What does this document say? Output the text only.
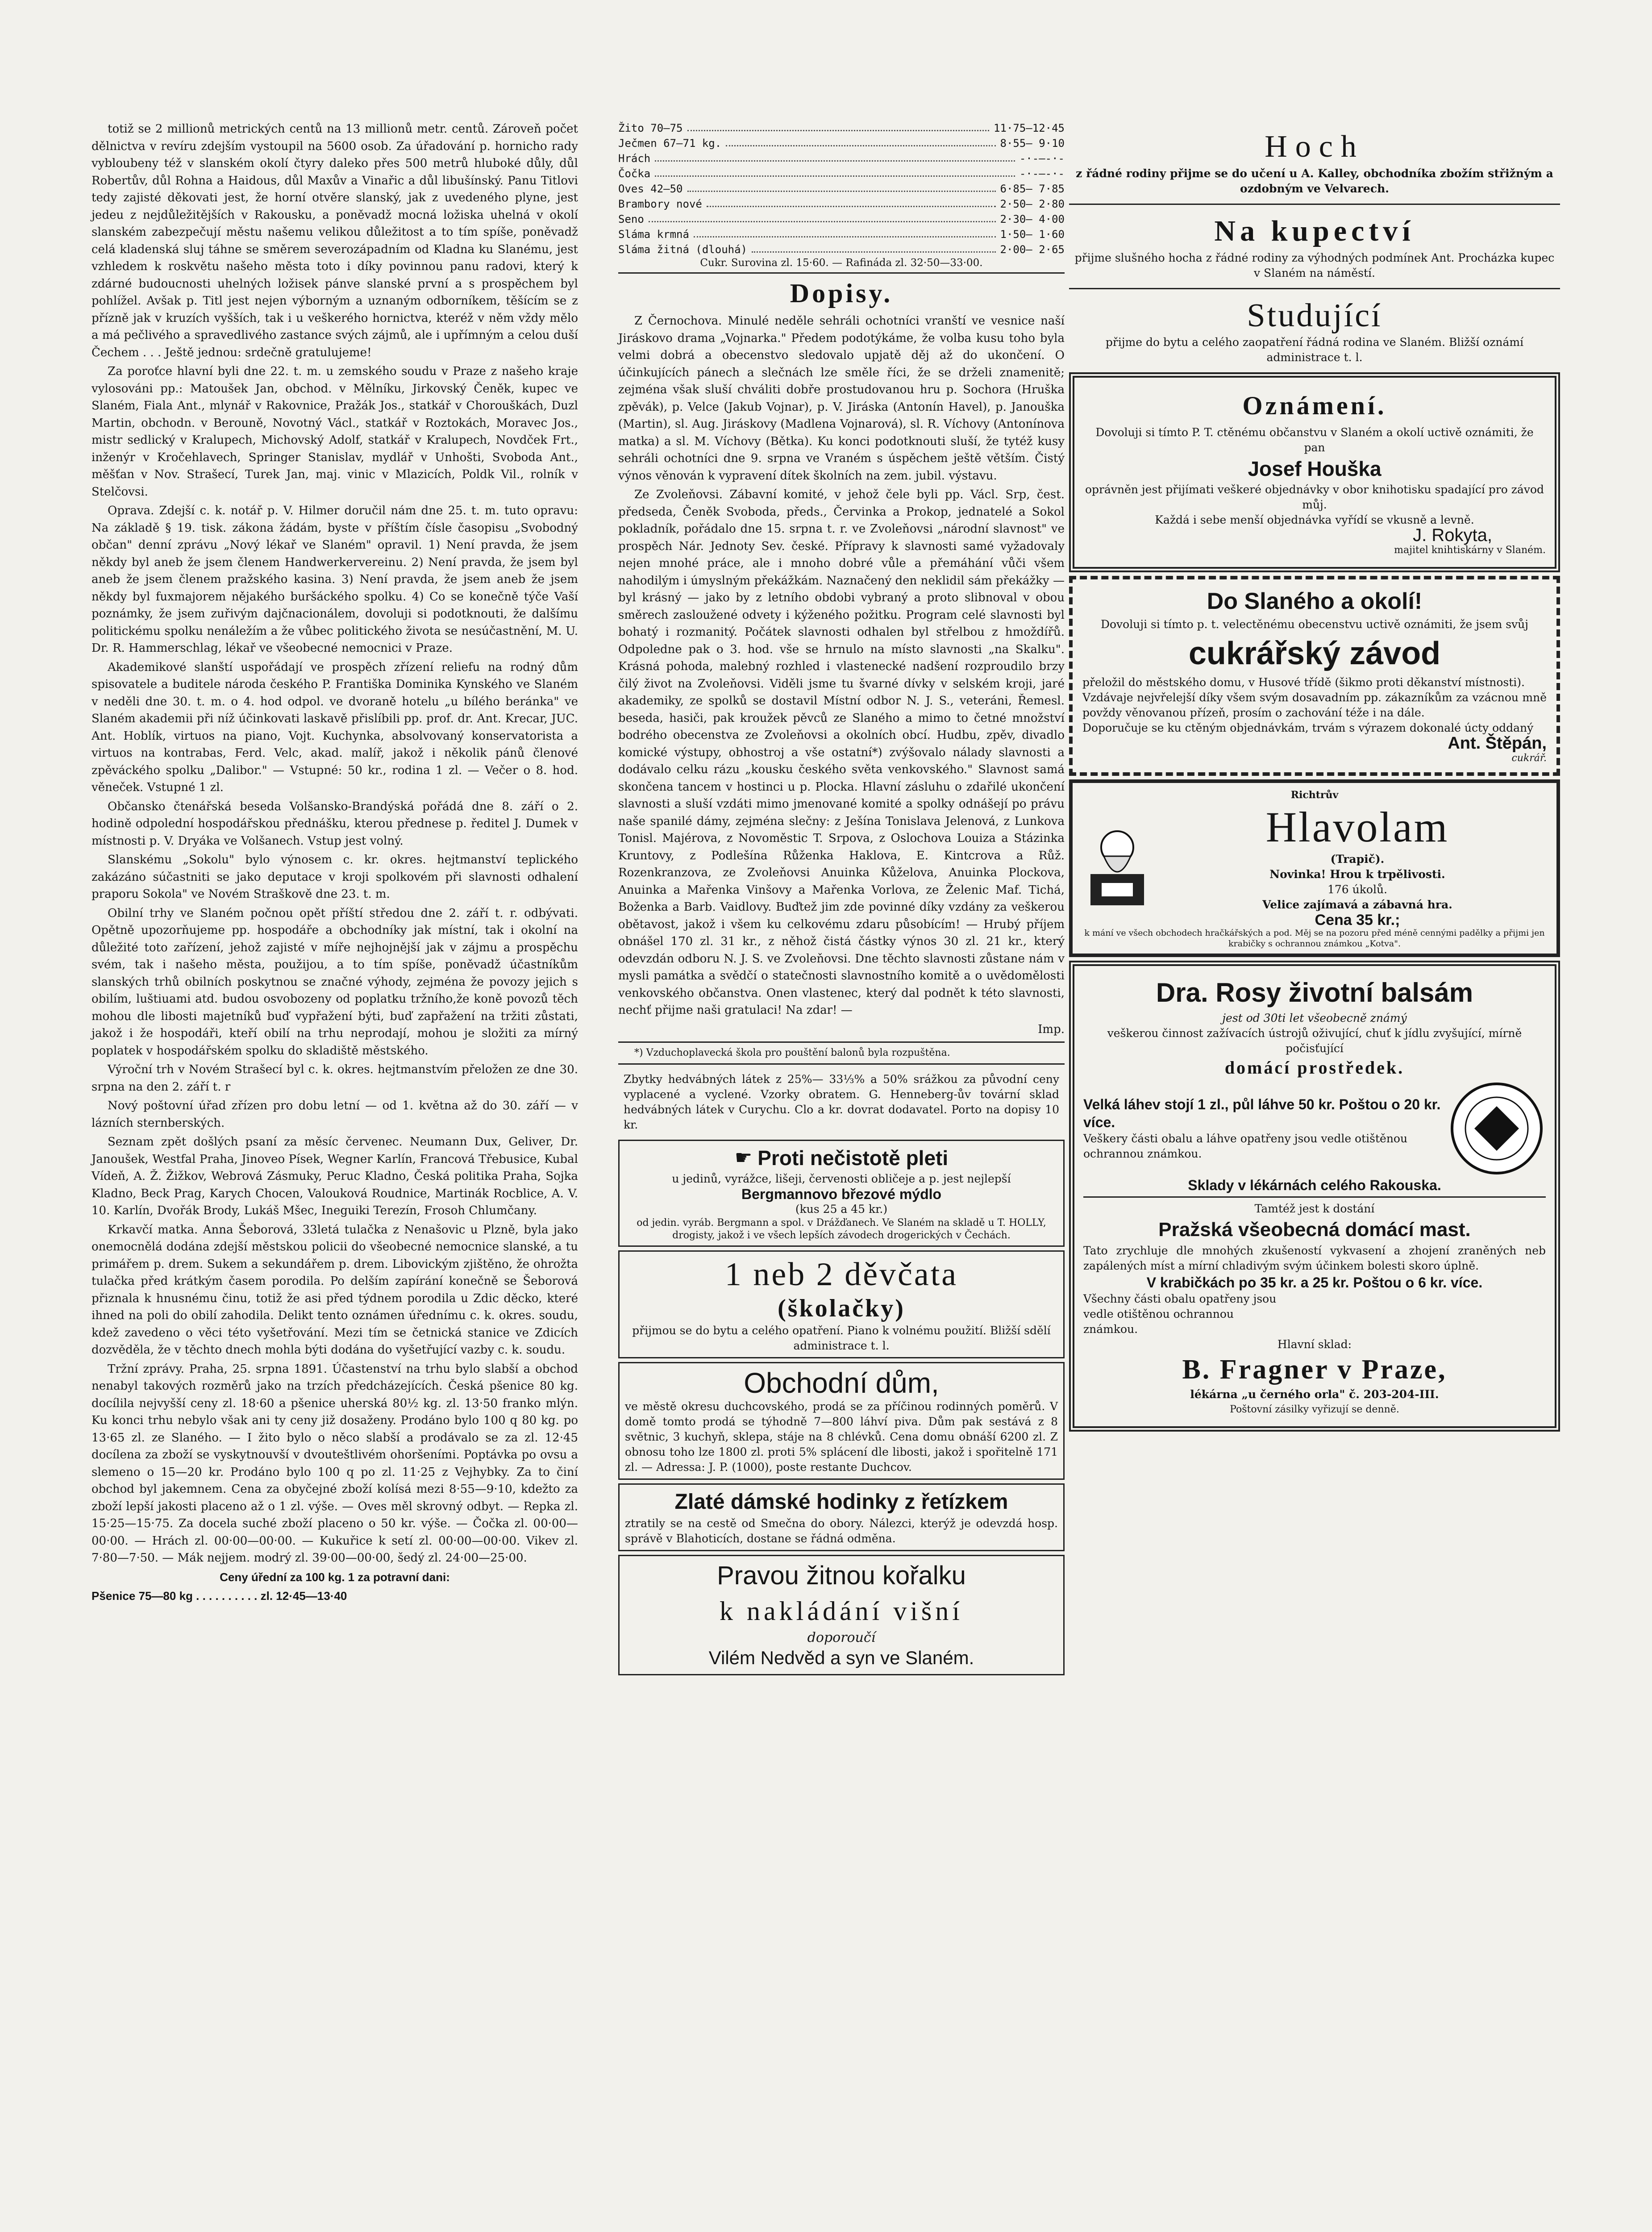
totiž se 2 millionů metrických centů na 13 millionů metr. centů. Zároveň počet dělnictva v revíru zdejším vystoupil na 5600 osob. Za úřadování p. hornicho rady vybloubeny též v slanském okolí čtyry daleko přes 500 metrů hluboké důly, důl Robertův, důl Rohna a Haidous, důl Maxův a Vinařic a důl libušínský. Panu Titlovi tedy zajisté děkovati jest, že horní otvěre slanský, jak z uvedeného plyne, jest jedeu z nejdůležitějších v Rakousku, a poněvadž mocná ložiska uhelná v okolí slanském zabezpečují městu našemu velikou důležitost a to tím spíše, poněvadž celá kladenská sluj táhne se směrem severozápadním od Kladna ku Slanému, jest vzhledem k roskvětu našeho města toto i díky povinnou panu radovi, který k zdárné budoucnosti uhelných ložisek pánve slanské první a s prospěchem byl pohlížel. Avšak p. Titl jest nejen výborným a uznaným odborníkem, těšícím se z přízně jak v kruzích vyšších, tak i u veškerého hornictva, kteréž v něm vždy mělo a má pečlivého a spravedlivého zastance svých zájmů, ale i upřímným a celou duší Čechem . . . Ještě jednou: srdečně gratulujeme!

Za poroťce hlavní byli dne 22. t. m. u zemského soudu v Praze z našeho kraje vylosováni pp.: Matoušek Jan, obchod. v Mělníku, Jirkovský Čeněk, kupec ve Slaném, Fiala Ant., mlynář v Rakovnice, Pražák Jos., statkář v Chorouškách, Duzl Martin, obchodn. v Berouně, Novotný Václ., statkář v Roztokách, Moravec Jos., mistr sedlický v Kralupech, Michovský Adolf, statkář v Kralupech, Novdček Frt., inženýr v Kročehlavech, Springer Stanislav, mydlář v Unhošti, Svoboda Ant., měšťan v Nov. Strašecí, Turek Jan, maj. vinic v Mlazicích, Poldk Vil., rolník v Stelčovsi.

Oprava. Zdejší c. k. notář p. V. Hilmer doručil nám dne 25. t. m. tuto opravu: Na základě § 19. tisk. zákona žádám, byste v příštím čísle časopisu „Svobodný občan" denní zprávu „Nový lékař ve Slaném" opravil. 1) Není pravda, že jsem někdy byl aneb že jsem členem Handwerkervereinu. 2) Není pravda, že jsem byl aneb že jsem členem pražského kasina. 3) Není pravda, že jsem aneb že jsem někdy byl fuxmajorem nějakého buršáckého spolku. 4) Co se konečně týče Vaší poznámky, že jsem zuřivým dajčnacionálem, dovoluji si podotknouti, že dalšímu politickému spolku nenáležím a že vůbec politického života se nesúčastnění, M. U. Dr. R. Hammerschlag, lékař ve všeobecné nemocnici v Praze.

Akademikové slanští uspořádají ve prospěch zřízení reliefu na rodný dům spisovatele a buditele národa českého P. Františka Dominika Kynského ve Slaném v neděli dne 30. t. m. o 4. hod odpol. ve dvoraně hotelu „u bílého beránka" ve Slaném akademii při níž účinkovati laskavě přislíbili pp. prof. dr. Ant. Krecar, JUC. Ant. Hoblík, virtuos na piano, Vojt. Kuchynka, absolvovaný konservatorista a virtuos na kontrabas, Ferd. Velc, akad. malíř, jakož i několik pánů členové zpěváckého spolku „Dalibor." — Vstupné: 50 kr., rodina 1 zl. — Večer o 8. hod. věneček. Vstupné 1 zl.

Občansko čtenářská beseda Volšansko-Brandýská pořádá dne 8. září o 2. hodině odpolední hospodářskou přednášku, kterou přednese p. ředitel J. Dumek v místnosti p. V. Dryáka ve Volšanech. Vstup jest volný.

Slanskému „Sokolu" bylo výnosem c. kr. okres. hejtmanství teplického zakázáno súčastniti se jako deputace v kroji spolkovém při slavnosti odhalení praporu Sokola" ve Novém Straškově dne 23. t. m.

Obilní trhy ve Slaném počnou opět příští středou dne 2. září t. r. odbývati. Opětně upozorňujeme pp. hospodáře a obchodníky jak místní, tak i okolní na důležité toto zařízení, jehož zajisté v míře nejhojnější jak v zájmu a prospěchu svém, tak i našeho města, použijou, a to tím spíše, poněvadž účastníkům slanských trhů obilních poskytnou se značné výhody, zejména že povozy jejich s obilím, luštiuami atd. budou osvobozeny od poplatku tržního,že koně povozů těch mohou dle libosti majetníků buď vypřažení býti, buď zapřažení na tržiti zůstati, jakož i že hospodáři, kteří obilí na trhu neprodají, mohou je složiti za mírný poplatek v hospodářském spolku do skladiště městského.

Výroční trh v Novém Strašecí byl c. k. okres. hejtmanstvím přeložen ze dne 30. srpna na den 2. září t. r

Nový poštovní úřad zřízen pro dobu letní — od 1. května až do 30. září — v lázních sternberských.

Seznam zpět došlých psaní za měsíc červenec. Neumann Dux, Geliver, Dr. Janoušek, Westfal Praha, Jinoveo Písek, Wegner Karlín, Francová Třebusice, Kubal Vídeň, A. Ž. Žižkov, Webrová Zásmuky, Peruc Kladno, Česká politika Praha, Sojka Kladno, Beck Prag, Karych Chocen, Valouková Roudnice, Martinák Rocblice, A. V. 10. Karlín, Dvořák Brody, Lukáš Mšec, Ineguiki Terezín, Frosoh Chlumčany.

Krkavčí matka. Anna Šeborová, 33letá tulačka z Nenašovic u Plzně, byla jako onemocnělá dodána zdejší městskou policii do všeobecné nemocnice slanské, a tu primářem p. drem. Sukem a sekundářem p. drem. Libovickým zjištěno, že ohrožta tulačka před krátkým časem porodila. Po delším zapírání konečně se Šeborová přiznala k hnusnému činu, totiž že asi před týdnem porodila u Zdic děcko, které ihned na poli do obilí zahodila. Delikt tento oznámen úřednímu c. k. okres. soudu, kdež zavedeno o věci této vyšetřování. Mezi tím se četnická stanice ve Zdicích dozvěděla, že v těchto dnech mohla býti dodána do vyšetřující vazby c. k. soudu.

Tržní zprávy. Praha, 25. srpna 1891. Účastenství na trhu bylo slabší a obchod nenabyl takových rozměrů jako na trzích předcházejících. Česká pšenice 80 kg. docílila nejvyšší ceny zl. 18·60 a pšenice uherská 80½ kg. zl. 13·50 franko mlýn. Ku konci trhu nebylo však ani ty ceny již dosaženy. Prodáno bylo 100 q 80 kg. po 13·65 zl. ze Slaného. — I žito bylo o něco slabší a prodávalo se za zl. 12·45 docílena za zboží se vyskytnouvší v dvouteštlivém ohoršeními. Poptávka po ovsu a slemeno o 15—20 kr. Prodáno bylo 100 q po zl. 11·25 z Vejhybky. Za to činí obchod byl jakemnem. Cena za obyčejné zboží kolísá mezi 8·55—9·10, kdežto za zboží lepší jakosti placeno až o 1 zl. výše. — Oves měl skrovný odbyt. — Repka zl. 15·25—15·75. Za docela suché zboží placeno o 50 kr. výše. — Čočka zl. 00·00—00·00. — Hrách zl. 00·00—00·00. — Kukuřice k setí zl. 00·00—00·00. Vikev zl. 7·80—7·50. — Mák nejjem. modrý zl. 39·00—00·00, šedý zl. 24·00—25·00.

Ceny úřední za 100 kg. 1 za potravní dani:

Pšenice 75—80 kg . . . . . . . . . . zl. 12·45—13·40

Žito 70—75	11·75—12·45
Ječmen 67—71 kg.	8·55— 9·10
Hrách	-·-—-·-
Čočka	-·-—-·-
Oves 42—50	6·85— 7·85
Brambory nové	2·50— 2·80
Seno	2·30— 4·00
Sláma krmná	1·50— 1·60
Sláma žitná (dlouhá)	2·00— 2·65
Cukr. Surovina zl. 15·60. — Rafináda zl. 32·50—33·00.
Dopisy.

Z Černochova. Minulé neděle sehráli ochotníci vranští ve vesnice naší Jiráskovo drama „Vojnarka." Předem podotýkáme, že volba kusu toho byla velmi dobrá a obecenstvo sledovalo upjatě děj až do ukončení. O účinkujících pánech a slečnách lze směle říci, že se drželi znamenitě; zejména však sluší chváliti dobře prostudovanou hru p. Sochora (Hruška zpěvák), p. Velce (Jakub Vojnar), p. V. Jiráska (Antonín Havel), p. Janouška (Martin), sl. Aug. Jiráskovy (Madlena Vojnarová), sl. R. Víchovy (Antonínova matka) a sl. M. Víchovy (Bětka). Ku konci podotknouti sluší, že tytéž kusy sehráli ochotníci dne 9. srpna ve Vraném s úspěchem ještě větším. Čistý výnos věnován k vypravení dítek školních na zem. jubil. výstavu.

Ze Zvoleňovsi. Zábavní komité, v jehož čele byli pp. Václ. Srp, čest. předseda, Čeněk Svoboda, předs., Červinka a Prokop, jednatelé a Sokol pokladník, pořádalo dne 15. srpna t. r. ve Zvoleňovsi „národní slavnost" ve prospěch Nár. Jednoty Sev. české. Přípravy k slavnosti samé vyžadovaly nejen mnohé práce, ale i mnoho dobré vůle a přemáhání vůči všem nahodilým i úmyslným překážkám. Naznačený den neklidil sám překážky — byl krásný — jako by z letního obdobi vybraný a proto slibnoval v obou směrech zasloužené odvety i kýženého požitku. Program celé slavnosti byl bohatý i rozmanitý. Počátek slavnosti odhalen byl střelbou z hmoždířů. Odpoledne pak o 3. hod. vše se hrnulo na místo slavnosti „na Skalku". Krásná pohoda, malebný rozhled i vlastenecké nadšení rozproudilo brzy čilý život na Zvoleňovsi. Viděli jsme tu švarné dívky v selském kroji, jaré akademiky, ze spolků se dostavil Místní odbor N. J. S., veteráni, Řemesl. beseda, hasiči, pak kroužek pěvců ze Slaného a mimo to četné množství bodrého obecenstva ze Zvoleňovsi a okolních obcí. Hudbu, zpěv, divadlo komické výstupy, obhostroj a vše ostatní*) zvýšovalo nálady slavnosti a dodávalo celku rázu „kousku českého světa venkovského." Slavnost samá skončena tancem v hostinci u p. Plocka. Hlavní zásluhu o zdařilé ukončení slavnosti a sluší vzdáti mimo jmenované komité a spolky odnášejí po právu naše spanilé dámy, zejména slečny: z Ješína Tonislava Jelenová, z Lunkova Tonisl. Majérova, z Novoměstic T. Srpova, z Oslochova Louiza a Stázinka Kruntovy, z Podlešína Růženka Haklova, E. Kintcrova a Růž. Rozenkranzova, ze Zvoleňovsi Anuinka Kůželova, Anuinka Plockova, Anuinka a Mařenka Vinšovy a Mařenka Vorlova, ze Želenic Maf. Tichá, Boženka a Barb. Vaidlovy. Buďtež jim zde povinné díky vzdány za veškerou obětavost, jakož i všem ku celkovému zdaru působícím! — Hrubý příjem obnášel 170 zl. 31 kr., z něhož čistá částky výnos 30 zl. 21 kr., který odevzdán odboru N. J. S. ve Zvoleňovsi. Dne těchto slavnosti zůstane nám v mysli památka a svědčí o statečnosti slavnostního komitě a o uvědomělosti venkovského občanstva. Onen vlastenec, který dal podnět k této slavnosti, nechť přijme naši gratulaci! Na zdar! —

Imp.

*) Vzduchoplavecká škola pro pouštění balonů byla rozpuštěna.

Zbytky hedvábných látek z 25%— 33⅓% a 50% srážkou za původní ceny vyplacené a vyclené. Vzorky obratem. G. Henneberg-ův tovární sklad hedvábných látek v Curychu. Clo a kr. dovrat dodavatel. Porto na dopisy 10 kr.
☛ Proti nečistotě pleti
u jedinů, vyrážce, lišeji, červenosti obličeje a p. jest nejlepší
Bergmannovo březové mýdlo
(kus 25 a 45 kr.)
od jedin. vyráb. Bergmann a spol. v Drážďanech. Ve Slaném na skladě u T. HOLLY, drogisty, jakož i ve všech lepších závodech drogerických v Čechách.
1 neb 2 děvčata
(školačky)
přijmou se do bytu a celého opatření. Piano k volnému použití. Bližší sdělí administrace t. l.
Obchodní dům,
ve městě okresu duchcovského, prodá se za příčinou rodinných poměrů. V domě tomto prodá se týhodně 7—800 láhví piva. Dům pak sestává z 8 světnic, 3 kuchyň, sklepa, stáje na 8 chlévků. Cena domu obnáší 6200 zl. Z obnosu toho lze 1800 zl. proti 5% splácení dle libosti, jakož i spořitelně 171 zl. — Adressa: J. P. (1000), poste restante Duchcov.
Zlaté dámské hodinky z řetízkem
ztratily se na cestě od Smečna do obory. Nálezci, kterýž je odevzdá hosp. správě v Blahoticích, dostane se řádná odměna.
Pravou žitnou kořalku
k nakládání višní
doporoučí
Vilém Nedvěd a syn ve Slaném.
Hoch
z řádné rodiny přijme se do učení u A. Kalley, obchodníka zbožím střižným a ozdobným ve Velvarech.
Na kupectví
přijme slušného hocha z řádné rodiny za výhodných podmínek Ant. Procházka kupec v Slaném na náměstí.
Studující
přijme do bytu a celého zaopatření řádná rodina ve Slaném. Bližší oznámí administrace t. l.
Oznámení.
Dovoluji si tímto P. T. ctěnému občanstvu v Slaném a okolí uctivě oznámiti, že pan
Josef Houška
oprávněn jest přijímati veškeré objednávky v obor knihotisku spadající pro závod můj.
Každá i sebe menší objednávka vyřídí se vkusně a levně.
J. Rokyta,
majitel knihtiskárny v Slaném.
Do Slaného a okolí!
Dovoluji si tímto p. t. velectěnému obecenstvu uctivě oznámiti, že jsem svůj
cukrářský závod
přeložil do městského domu, v Husové třídě (šikmo proti děkanství místnosti).
Vzdávaje nejvřelejší díky všem svým dosavadním pp. zákazníkům za vzácnou mně povždy věnovanou přízeň, prosím o zachování téže i na dále.
Doporučuje se ku ctěným objednávkám, trvám s výrazem dokonalé úcty oddaný
Ant. Štěpán,
cukrář.
Richtrův
Hlavolam
(Trapič).
Novinka! Hrou k trpělivosti.
176 úkolů.
Velice zajímavá a zábavná hra.
Cena 35 kr.;
k mání ve všech obchodech hračkářských a pod. Měj se na pozoru před méně cennými padělky a přijmi jen krabičky s ochrannou známkou „Kotva".
Dra. Rosy životní balsám
jest od 30ti let všeobecně známý
veškerou činnost zažívacích ústrojů oživující, chuť k jídlu zvyšující, mírně počisťující
domácí prostředek.
Velká láhev stojí 1 zl., půl láhve 50 kr. Poštou o 20 kr. více.
Veškery části obalu a láhve opatřeny jsou vedle otištěnou ochrannou známkou.
Sklady v lékárnách celého Rakouska.
Tamtéž jest k dostání
Pražská všeobecná domácí mast.
Tato zrychluje dle mnohých zkušeností vykvasení a zhojení zraněných neb zapálených míst a mírní chladivým svým účinkem bolesti skoro úplně.
V krabičkách po 35 kr. a 25 kr. Poštou o 6 kr. více.
Všechny části obalu opatřeny jsou vedle otištěnou ochrannou známkou.
Hlavní sklad:
B. Fragner v Praze,
lékárna „u černého orla" č. 203-204-III.
Poštovní zásilky vyřizují se denně.
